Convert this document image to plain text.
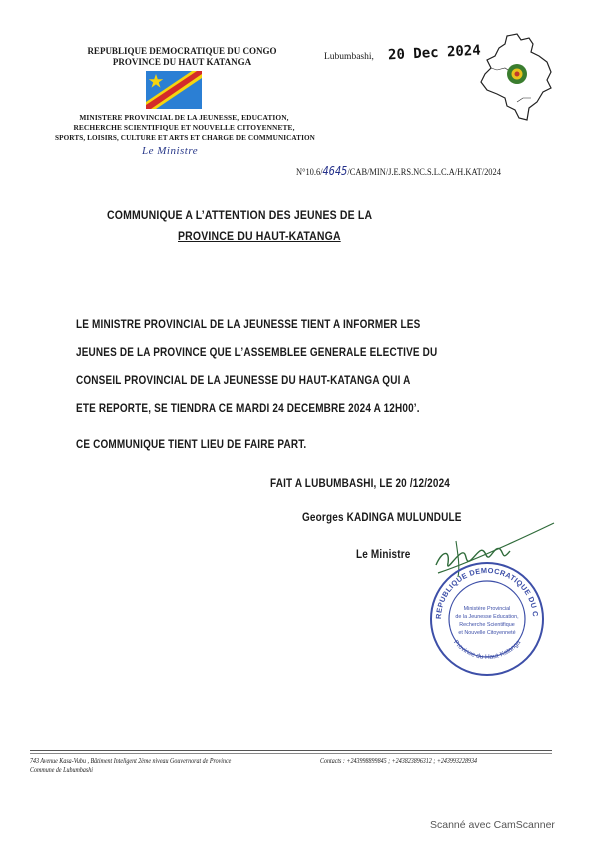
REPUBLIQUE DEMOCRATIQUE DU CONGO
PROVINCE DU HAUT KATANGA
MINISTERE PROVINCIAL DE LA JEUNESSE, EDUCATION,
RECHERCHE SCIENTIFIQUE ET NOUVELLE CITOYENNETE,
SPORTS, LOISIRS, CULTURE ET ARTS ET CHARGE DE COMMUNICATION
Le Ministre
Lubumbashi, 20 Dec 2024
N°10.6/4645/CAB/MIN/J.E.RS.NC.S.L.C.A/H.KAT/2024
COMMUNIQUE A L’ATTENTION DES JEUNES DE LA
PROVINCE DU HAUT-KATANGA
LE MINISTRE PROVINCIAL DE LA JEUNESSE TIENT A INFORMER LES
JEUNES DE LA PROVINCE QUE L’ASSEMBLEE GENERALE ELECTIVE DU
CONSEIL PROVINCIAL DE LA JEUNESSE DU HAUT-KATANGA QUI A
ETE REPORTE, SE TIENDRA CE MARDI 24 DECEMBRE 2024 A 12H00’.
CE COMMUNIQUE TIENT LIEU DE FAIRE PART.
FAIT A LUBUMBASHI, LE 20 /12/2024
Georges KADINGA MULUNDULE
Le Ministre
REPUBLIQUE DEMOCRATIQUE DU C
Province du Haut-Katanga
Ministère Provincial
de la Jeunesse Education,
Recherche Scientifique
et Nouvelle Citoyenneté
743 Avenue Kasa-Vubu , Bâtiment Inteligent 2ème niveau Gouvernorat de Province
Commune de Lubumbashi
Contacts : +243998899845 ; +243823896312 ; +243993228934
Scanné avec CamScanner
